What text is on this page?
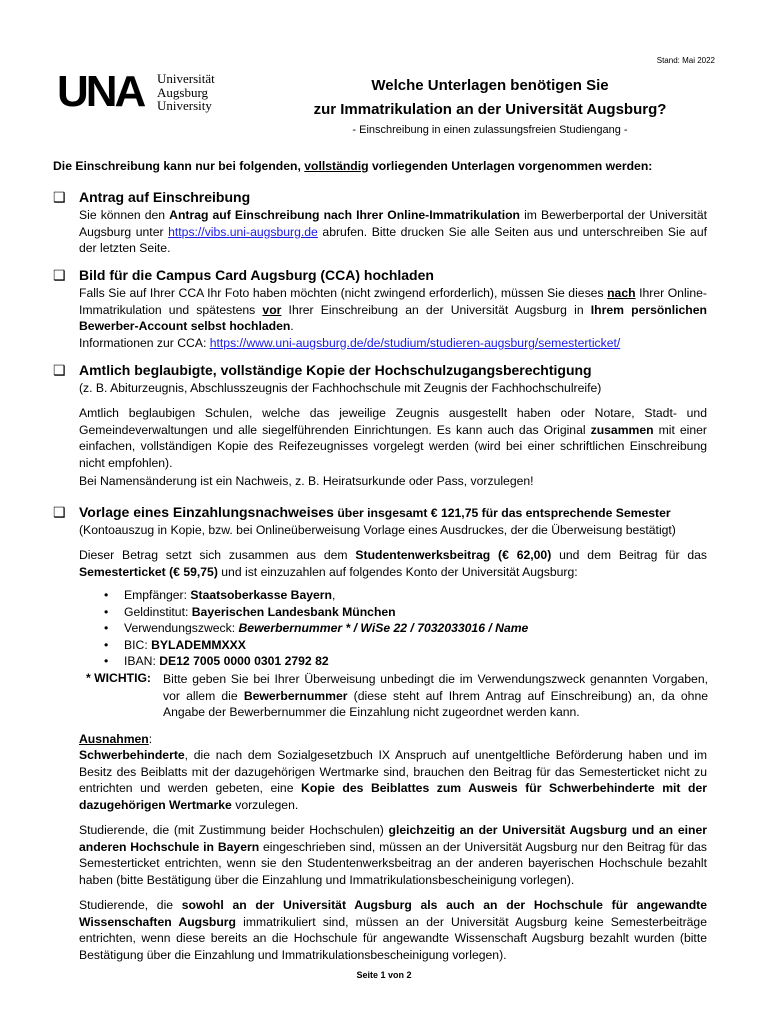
Stand: Mai 2022
UNA Universität
Augsburg
University
Welche Unterlagen benötigen Sie
zur Immatrikulation an der Universität Augsburg?
- Einschreibung in einen zulassungsfreien Studiengang -
Die Einschreibung kann nur bei folgenden, vollständig vorliegenden Unterlagen vorgenommen werden:
❑ Antrag auf Einschreibung
Sie können den Antrag auf Einschreibung nach Ihrer Online-Immatrikulation im Bewerberportal der Universität Augsburg unter https://vibs.uni-augsburg.de abrufen. Bitte drucken Sie alle Seiten aus und unterschreiben Sie auf der letzten Seite.
❑ Bild für die Campus Card Augsburg (CCA) hochladen
Falls Sie auf Ihrer CCA Ihr Foto haben möchten (nicht zwingend erforderlich), müssen Sie dieses nach Ihrer Online-Immatrikulation und spätestens vor Ihrer Einschreibung an der Universität Augsburg in Ihrem persönlichen Bewerber-Account selbst hochladen.
Informationen zur CCA: https://www.uni-augsburg.de/de/studium/studieren-augsburg/semesterticket/
❑ Amtlich beglaubigte, vollständige Kopie der Hochschulzugangsberechtigung
(z. B. Abiturzeugnis, Abschlusszeugnis der Fachhochschule mit Zeugnis der Fachhochschulreife)
Amtlich beglaubigen Schulen, welche das jeweilige Zeugnis ausgestellt haben oder Notare, Stadt- und Gemeindeverwaltungen und alle siegelführenden Einrichtungen. Es kann auch das Original zusammen mit einer einfachen, vollständigen Kopie des Reifezeugnisses vorgelegt werden (wird bei einer schriftlichen Einschreibung nicht empfohlen).
Bei Namensänderung ist ein Nachweis, z. B. Heiratsurkunde oder Pass, vorzulegen!
❑ Vorlage eines Einzahlungsnachweises über insgesamt € 121,75 für das entsprechende Semester
(Kontoauszug in Kopie, bzw. bei Onlineüberweisung Vorlage eines Ausdruckes, der die Überweisung bestätigt)
Dieser Betrag setzt sich zusammen aus dem Studentenwerksbeitrag (€ 62,00) und dem Beitrag für das Semesterticket (€ 59,75) und ist einzuzahlen auf folgendes Konto der Universität Augsburg:
• Empfänger: Staatsoberkasse Bayern,
• Geldinstitut: Bayerischen Landesbank München
• Verwendungszweck: Bewerbernummer * / WiSe 22 / 7032033016 / Name
• BIC: BYLADEMMXXX
• IBAN: DE12 7005 0000 0301 2792 82
* WICHTIG: Bitte geben Sie bei Ihrer Überweisung unbedingt die im Verwendungszweck genannten Vorgaben, vor allem die Bewerbernummer (diese steht auf Ihrem Antrag auf Einschreibung) an, da ohne Angabe der Bewerbernummer die Einzahlung nicht zugeordnet werden kann.
Ausnahmen:
Schwerbehinderte, die nach dem Sozialgesetzbuch IX Anspruch auf unentgeltliche Beförderung haben und im Besitz des Beiblatts mit der dazugehörigen Wertmarke sind, brauchen den Beitrag für das Semesterticket nicht zu entrichten und werden gebeten, eine Kopie des Beiblattes zum Ausweis für Schwerbehinderte mit der dazugehörigen Wertmarke vorzulegen.
Studierende, die (mit Zustimmung beider Hochschulen) gleichzeitig an der Universität Augsburg und an einer anderen Hochschule in Bayern eingeschrieben sind, müssen an der Universität Augsburg nur den Beitrag für das Semesterticket entrichten, wenn sie den Studentenwerksbeitrag an der anderen bayerischen Hochschule bezahlt haben (bitte Bestätigung über die Einzahlung und Immatrikulationsbescheinigung vorlegen).
Studierende, die sowohl an der Universität Augsburg als auch an der Hochschule für angewandte Wissenschaften Augsburg immatrikuliert sind, müssen an der Universität Augsburg keine Semesterbeiträge entrichten, wenn diese bereits an die Hochschule für angewandte Wissenschaft Augsburg bezahlt wurden (bitte Bestätigung über die Einzahlung und Immatrikulationsbescheinigung vorlegen).
Seite 1 von 2
